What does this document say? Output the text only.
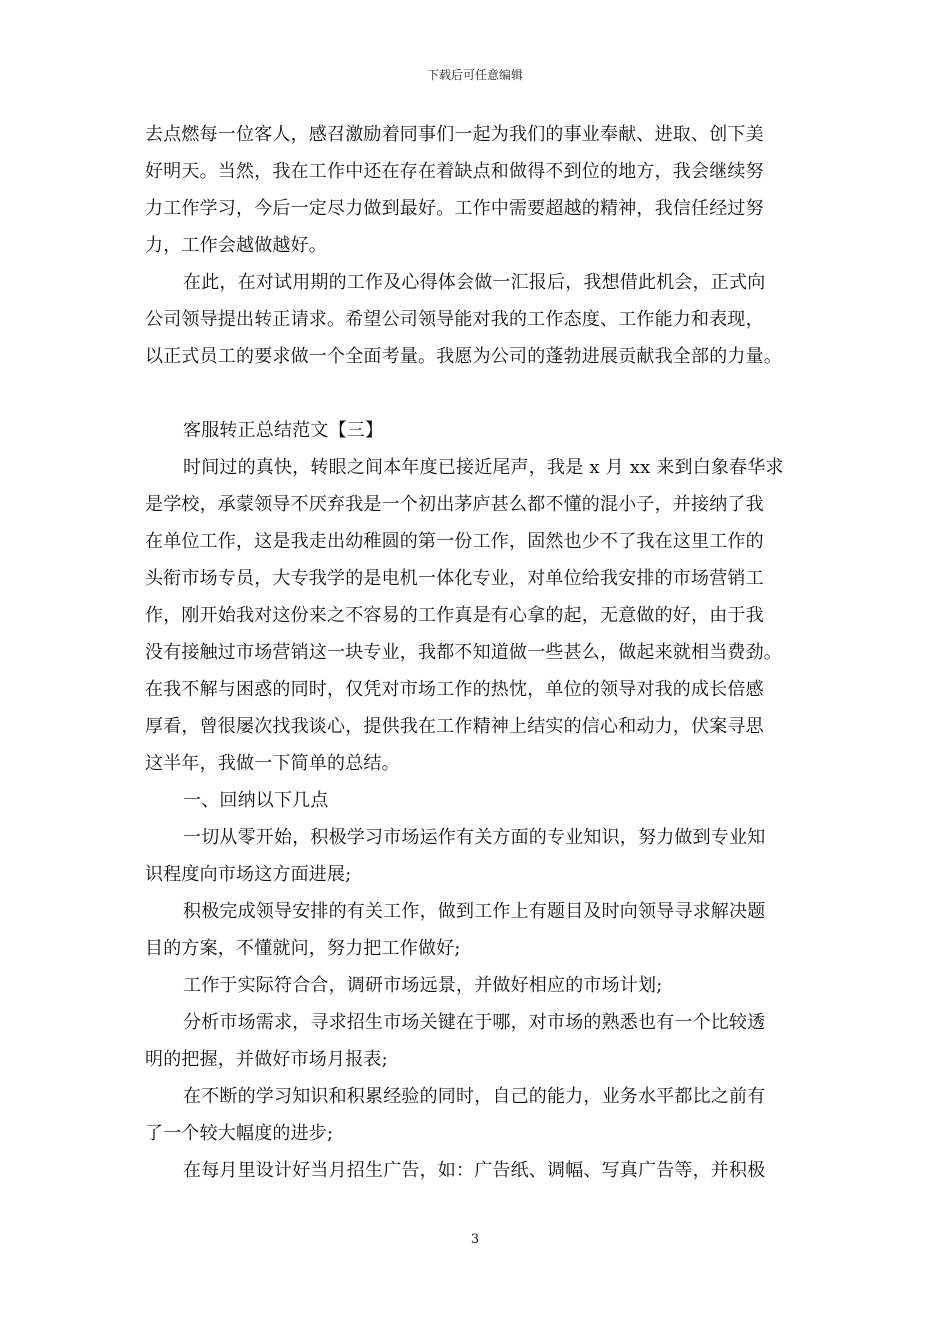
下载后可任意编辑
去点燃每一位客人，感召激励着同事们一起为我们的事业奉献、进取、创下美
好明天。当然，我在工作中还在存在着缺点和做得不到位的地方，我会继续努
力工作学习，今后一定尽力做到最好。工作中需要超越的精神，我信任经过努
力，工作会越做越好。
在此，在对试用期的工作及心得体会做一汇报后，我想借此机会，正式向
公司领导提出转正请求。希望公司领导能对我的工作态度、工作能力和表现，
以正式员工的要求做一个全面考量。我愿为公司的蓬勃进展贡献我全部的力量。
客服转正总结范文【三】
时间过的真快，转眼之间本年度已接近尾声，我是 x 月 xx 来到白象春华求
是学校，承蒙领导不厌弃我是一个初出茅庐甚么都不懂的混小子，并接纳了我
在单位工作，这是我走出幼稚圆的第一份工作，固然也少不了我在这里工作的
头衔市场专员，大专我学的是电机一体化专业，对单位给我安排的市场营销工
作，刚开始我对这份来之不容易的工作真是有心拿的起，无意做的好，由于我
没有接触过市场营销这一块专业，我都不知道做一些甚么，做起来就相当费劲。
在我不解与困惑的同时，仅凭对市场工作的热忱，单位的领导对我的成长倍感
厚看，曾很屡次找我谈心，提供我在工作精神上结实的信心和动力，伏案寻思
这半年，我做一下简单的总结。
一、回纳以下几点
一切从零开始，积极学习市场运作有关方面的专业知识，努力做到专业知
识程度向市场这方面进展;
积极完成领导安排的有关工作，做到工作上有题目及时向领导寻求解决题
目的方案，不懂就问，努力把工作做好;
工作于实际符合合，调研市场远景，并做好相应的市场计划;
分析市场需求，寻求招生市场关键在于哪，对市场的熟悉也有一个比较透
明的把握，并做好市场月报表;
在不断的学习知识和积累经验的同时，自己的能力，业务水平都比之前有
了一个较大幅度的进步;
在每月里设计好当月招生广告，如：广告纸、调幅、写真广告等，并积极
3
